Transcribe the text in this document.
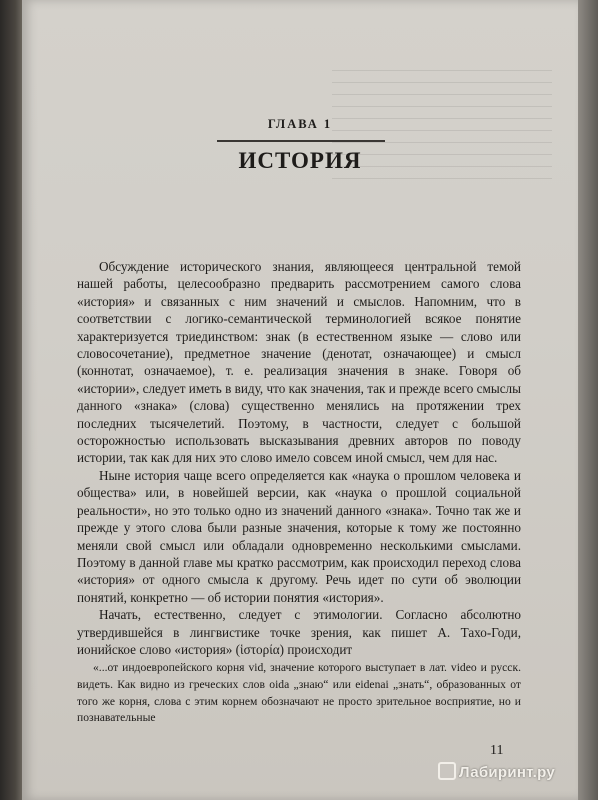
ГЛАВА 1
ИСТОРИЯ

Обсуждение исторического знания, являющееся центральной темой нашей работы, целесообразно предварить рассмотрением самого слова «история» и связанных с ним значений и смыслов. Напомним, что в соответствии с логико-семантической терминологией всякое понятие характеризуется триединством: знак (в естественном языке — слово или словосочетание), предметное значение (денотат, означающее) и смысл (коннотат, означаемое), т. е. реализация значения в знаке. Говоря об «истории», следует иметь в виду, что как значения, так и прежде всего смыслы данного «знака» (слова) существенно менялись на протяжении трех последних тысячелетий. Поэтому, в частности, следует с большой осторожностью использовать высказывания древних авторов по поводу истории, так как для них это слово имело совсем иной смысл, чем для нас.

Ныне история чаще всего определяется как «наука о прошлом человека и общества» или, в новейшей версии, как «наука о прошлой социальной реальности», но это только одно из значений данного «знака». Точно так же и прежде у этого слова были разные значения, которые к тому же постоянно меняли свой смысл или обладали одновременно несколькими смыслами. Поэтому в данной главе мы кратко рассмотрим, как происходил переход слова «история» от одного смысла к другому. Речь идет по сути об эволюции понятий, конкретно — об истории понятия «история».

Начать, естественно, следует с этимологии. Согласно абсолютно утвердившейся в лингвистике точке зрения, как пишет А. Тахо-Годи, ионийское слово «история» (ἱστορία) происходит

«...от индоевропейского корня vid, значение которого выступает в лат. video и русск. видеть. Как видно из греческих слов oida „знаю“ или eidenai „знать“, образованных от того же корня, слова с этим корнем обозначают не просто зрительное восприятие, но и познавательные

11
Лабиринт.ру
